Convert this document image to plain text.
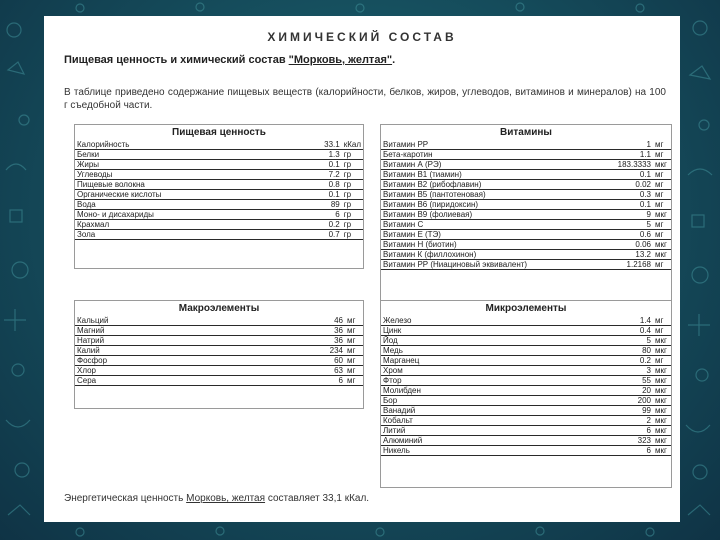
ХИМИЧЕСКИЙ СОСТАВ
Пищевая ценность и химический состав "Морковь, желтая".
В таблице приведено содержание пищевых веществ (калорийности, белков, жиров, углеводов, витаминов и минералов) на 100 г съедобной части.
Пищевая ценность
Калорийность	33.1	кКал
Белки	1.3	гр
Жиры	0.1	гр
Углеводы	7.2	гр
Пищевые волокна	0.8	гр
Органические кислоты	0.1	гр
Вода	89	гр
Моно- и дисахариды	6	гр
Крахмал	0.2	гр
Зола	0.7	гр
Витамины
Витамин PP	1	мг
Бета-каротин	1.1	мг
Витамин А (РЭ)	183.3333	мкг
Витамин В1 (тиамин)	0.1	мг
Витамин В2 (рибофлавин)	0.02	мг
Витамин В5 (пантотеновая)	0.3	мг
Витамин В6 (пиридоксин)	0.1	мг
Витамин В9 (фолиевая)	9	мкг
Витамин C	5	мг
Витамин Е (ТЭ)	0.6	мг
Витамин Н (биотин)	0.06	мкг
Витамин К (филлохинон)	13.2	мкг
Витамин РР (Ниациновый эквивалент)	1.2168	мг
Макроэлементы
Кальций	46	мг
Магний	36	мг
Натрий	36	мг
Калий	234	мг
Фосфор	60	мг
Хлор	63	мг
Сера	6	мг
Микроэлементы
Железо	1.4	мг
Цинк	0.4	мг
Йод	5	мкг
Медь	80	мкг
Марганец	0.2	мг
Хром	3	мкг
Фтор	55	мкг
Молибден	20	мкг
Бор	200	мкг
Ванадий	99	мкг
Кобальт	2	мкг
Литий	6	мкг
Алюминий	323	мкг
Никель	6	мкг
Энергетическая ценность Морковь, желтая составляет 33,1 кКал.
